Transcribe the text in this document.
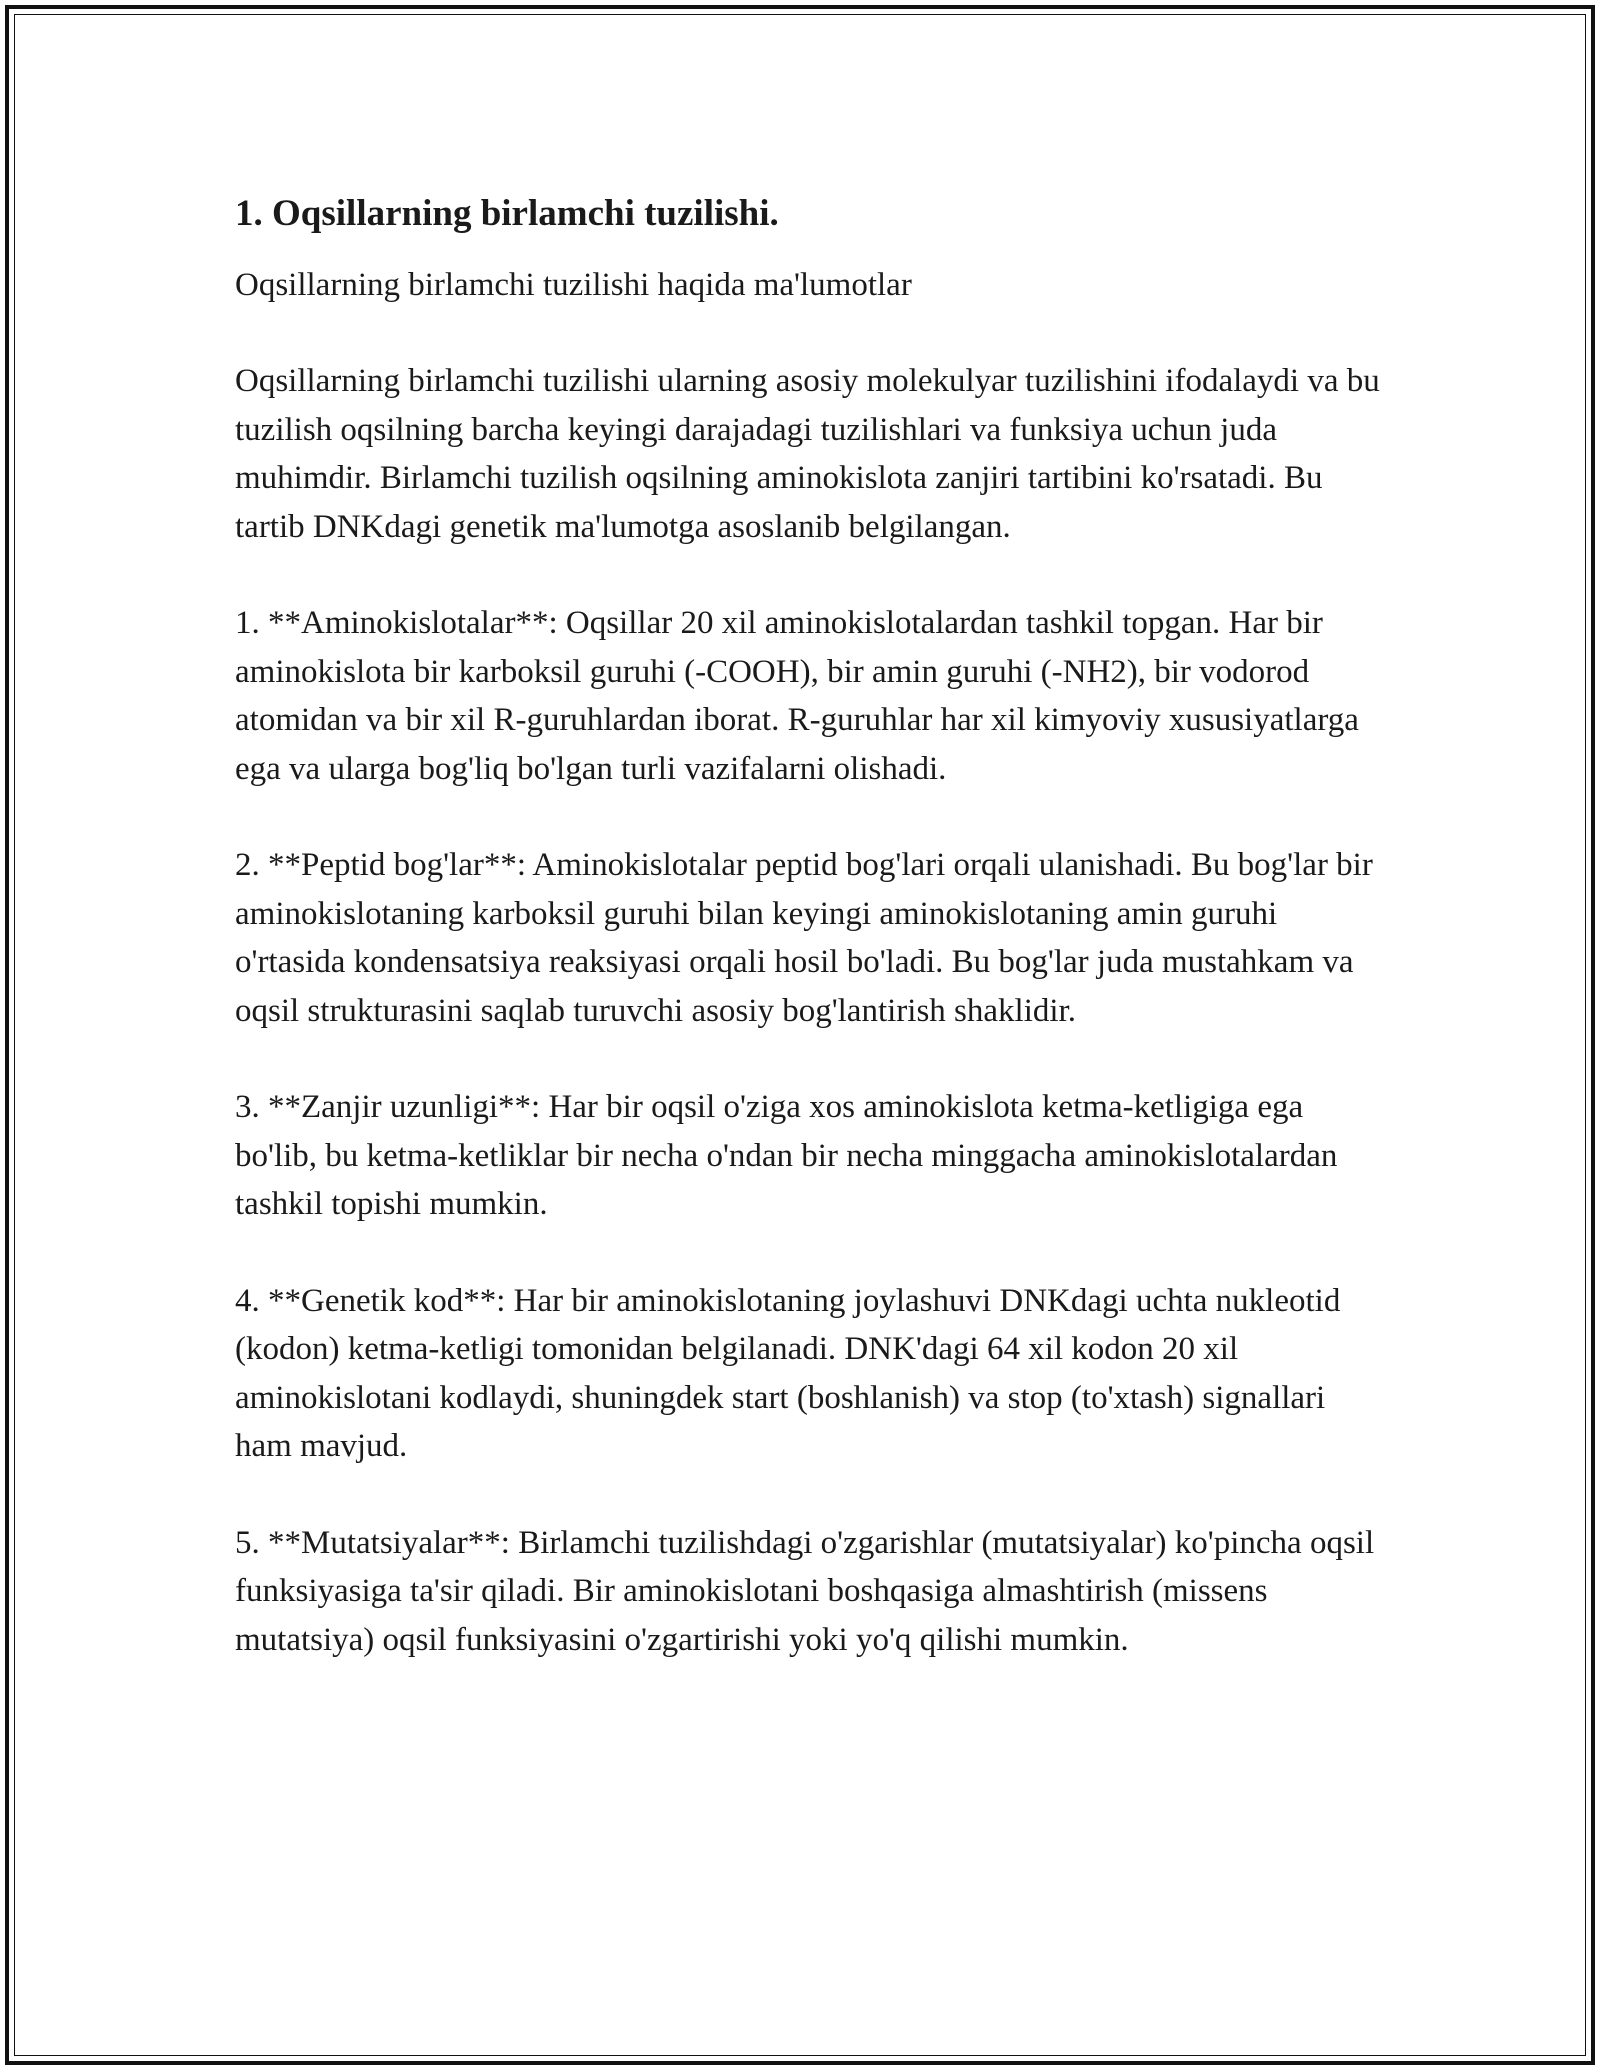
1. Oqsillarning birlamchi tuzilishi.

Oqsillarning birlamchi tuzilishi haqida ma'lumotlar

Oqsillarning birlamchi tuzilishi ularning asosiy molekulyar tuzilishini ifodalaydi va bu tuzilish oqsilning barcha keyingi darajadagi tuzilishlari va funksiya uchun juda muhimdir. Birlamchi tuzilish oqsilning aminokislota zanjiri tartibini ko'rsatadi. Bu tartib DNKdagi genetik ma'lumotga asoslanib belgilangan.

1. **Aminokislotalar**: Oqsillar 20 xil aminokislotalardan tashkil topgan. Har bir aminokislota bir karboksil guruhi (-COOH), bir amin guruhi (-NH2), bir vodorod atomidan va bir xil R-guruhlardan iborat. R-guruhlar har xil kimyoviy xususiyatlarga ega va ularga bog'liq bo'lgan turli vazifalarni olishadi.

2. **Peptid bog'lar**: Aminokislotalar peptid bog'lari orqali ulanishadi. Bu bog'lar bir aminokislotaning karboksil guruhi bilan keyingi aminokislotaning amin guruhi o'rtasida kondensatsiya reaksiyasi orqali hosil bo'ladi. Bu bog'lar juda mustahkam va oqsil strukturasini saqlab turuvchi asosiy bog'lantirish shaklidir.

3. **Zanjir uzunligi**: Har bir oqsil o'ziga xos aminokislota ketma-ketligiga ega bo'lib, bu ketma-ketliklar bir necha o'ndan bir necha minggacha aminokislotalardan tashkil topishi mumkin.

4. **Genetik kod**: Har bir aminokislotaning joylashuvi DNKdagi uchta nukleotid (kodon) ketma-ketligi tomonidan belgilanadi. DNK'dagi 64 xil kodon 20 xil aminokislotani kodlaydi, shuningdek start (boshlanish) va stop (to'xtash) signallari ham mavjud.

5. **Mutatsiyalar**: Birlamchi tuzilishdagi o'zgarishlar (mutatsiyalar) ko'pincha oqsil funksiyasiga ta'sir qiladi. Bir aminokislotani boshqasiga almashtirish (missens mutatsiya) oqsil funksiyasini o'zgartirishi yoki yo'q qilishi mumkin.
